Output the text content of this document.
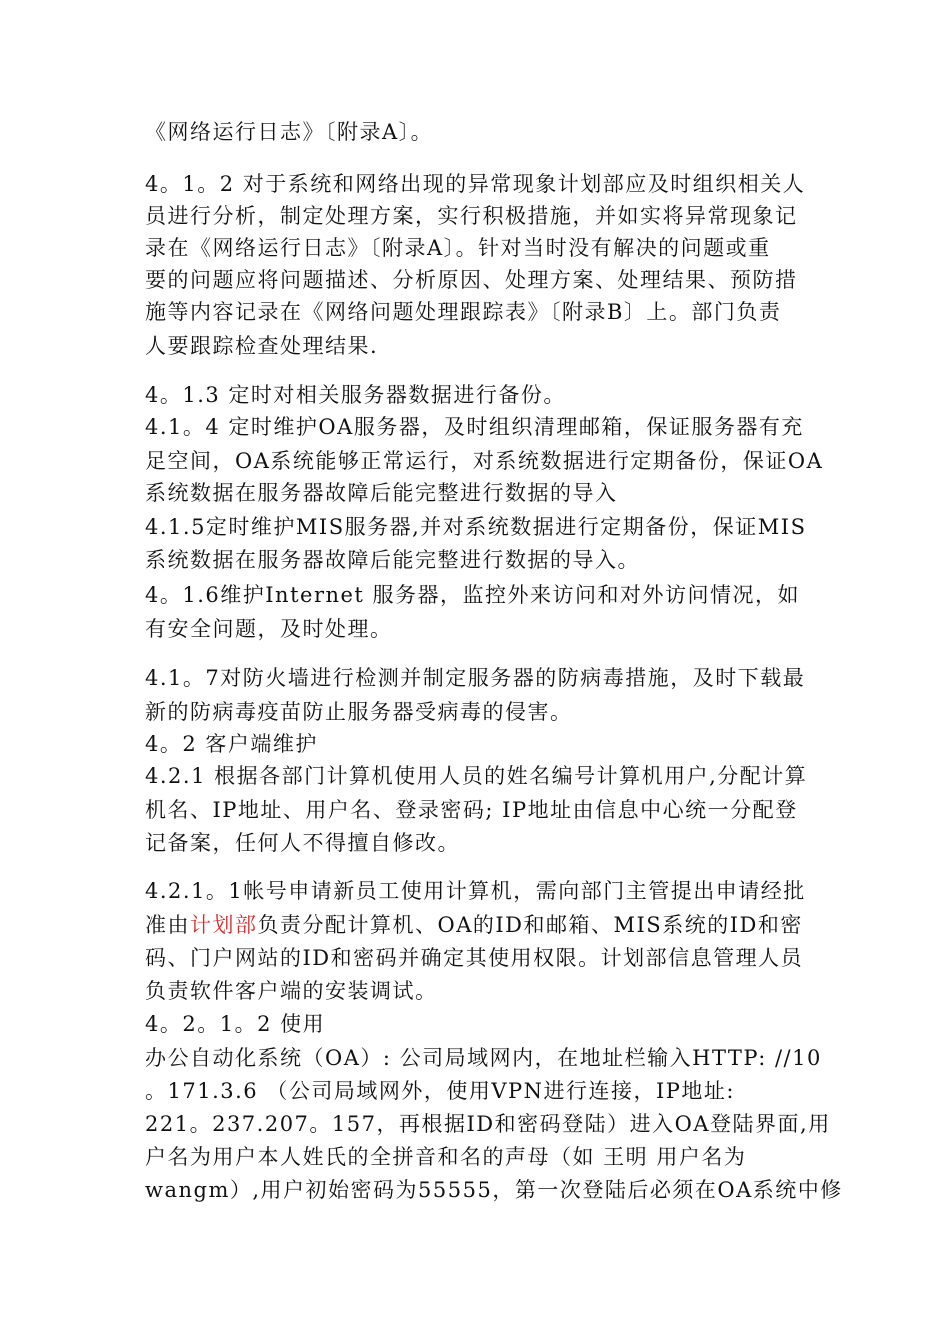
《网络运行日志》〔附录A〕。
4。1。2 对于系统和网络出现的异常现象计划部应及时组织相关人
员进行分析，制定处理方案，实行积极措施，并如实将异常现象记
录在《网络运行日志》〔附录A〕。针对当时没有解决的问题或重
要的问题应将问题描述、分析原因、处理方案、处理结果、预防措
施等内容记录在《网络问题处理跟踪表》〔附录B〕上。部门负责
人要跟踪检查处理结果.
4。1.3 定时对相关服务器数据进行备份。
4.1。4 定时维护OA服务器，及时组织清理邮箱，保证服务器有充
足空间，OA系统能够正常运行，对系统数据进行定期备份，保证OA
系统数据在服务器故障后能完整进行数据的导入
4.1.5定时维护MIS服务器,并对系统数据进行定期备份，保证MIS
系统数据在服务器故障后能完整进行数据的导入。
4。1.6维护Internet 服务器，监控外来访问和对外访问情况，如
有安全问题，及时处理。
4.1。7对防火墙进行检测并制定服务器的防病毒措施，及时下载最
新的防病毒疫苗防止服务器受病毒的侵害。
4。2 客户端维护
4.2.1 根据各部门计算机使用人员的姓名编号计算机用户,分配计算
机名、IP地址、用户名、登录密码; IP地址由信息中心统一分配登
记备案，任何人不得擅自修改。
4.2.1。1帐号申请新员工使用计算机，需向部门主管提出申请经批
准由计划部负责分配计算机、OA的ID和邮箱、MIS系统的ID和密
码、门户网站的ID和密码并确定其使用权限。计划部信息管理人员
负责软件客户端的安装调试。
4。2。1。2 使用
办公自动化系统（OA）: 公司局域网内，在地址栏输入HTTP: //10
。171.3.6 （公司局域网外，使用VPN进行连接，IP地址:
221。237.207。157，再根据ID和密码登陆）进入OA登陆界面,用
户名为用户本人姓氏的全拼音和名的声母（如 王明 用户名为
wangm）,用户初始密码为55555，第一次登陆后必须在OA系统中修
